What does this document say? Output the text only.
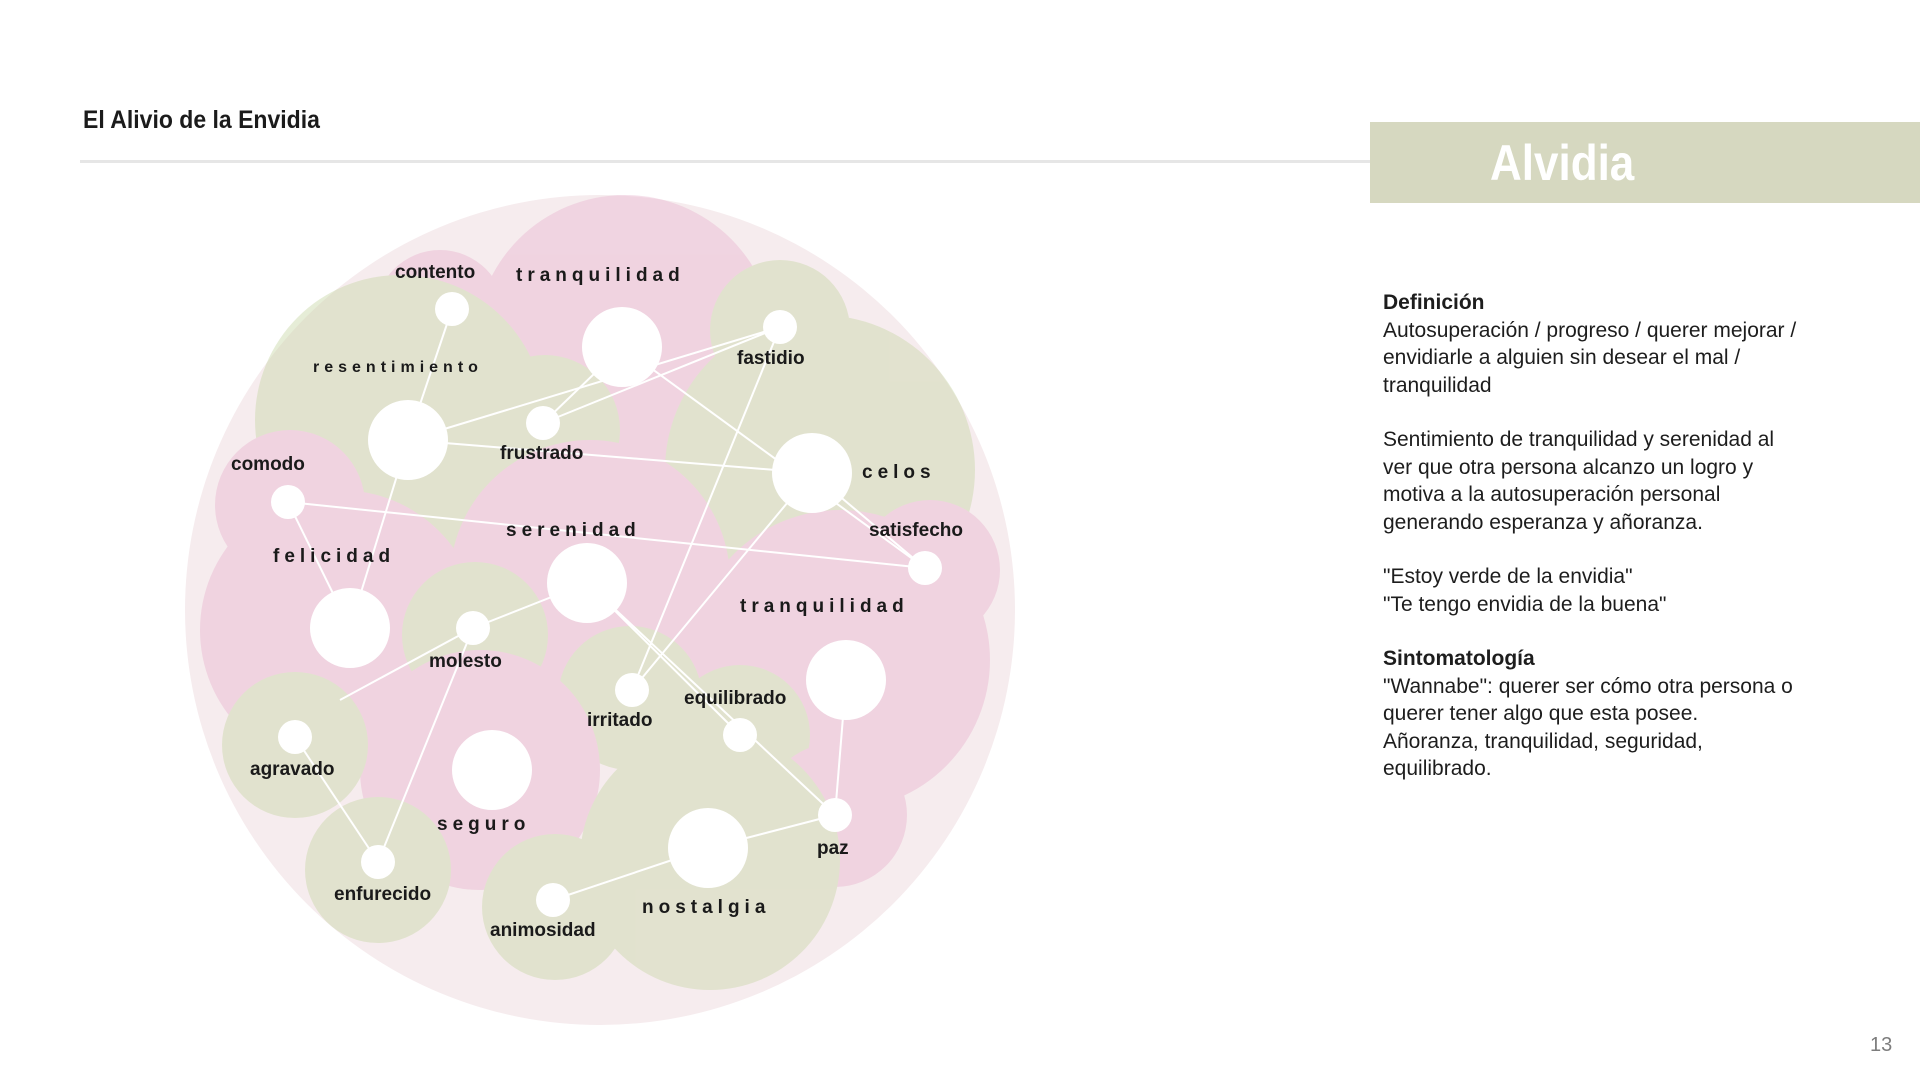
El Alivio de la Envidia
Alvidia
contento tranquilidad
resentimiento	fastidio
frustrado
celos
comodo
serenidad	satisfecho
felicidad
tranquilidad
molesto
equilibrado
irritado
agravado
seguro
paz
enfurecido
nostalgia
animosidad
Definición
Autosuperación / progreso / querer mejorar / envidiarle a alguien sin desear el mal / tranquilidad
Sentimiento de tranquilidad y serenidad al ver que otra persona alcanzo un logro y motiva a la autosuperación personal generando esperanza y añoranza.
"Estoy verde de la envidia"
"Te tengo envidia de la buena"
Sintomatología
"Wannabe": querer ser cómo otra persona o querer tener algo que esta posee.
Añoranza, tranquilidad, seguridad, equilibrado.
13
